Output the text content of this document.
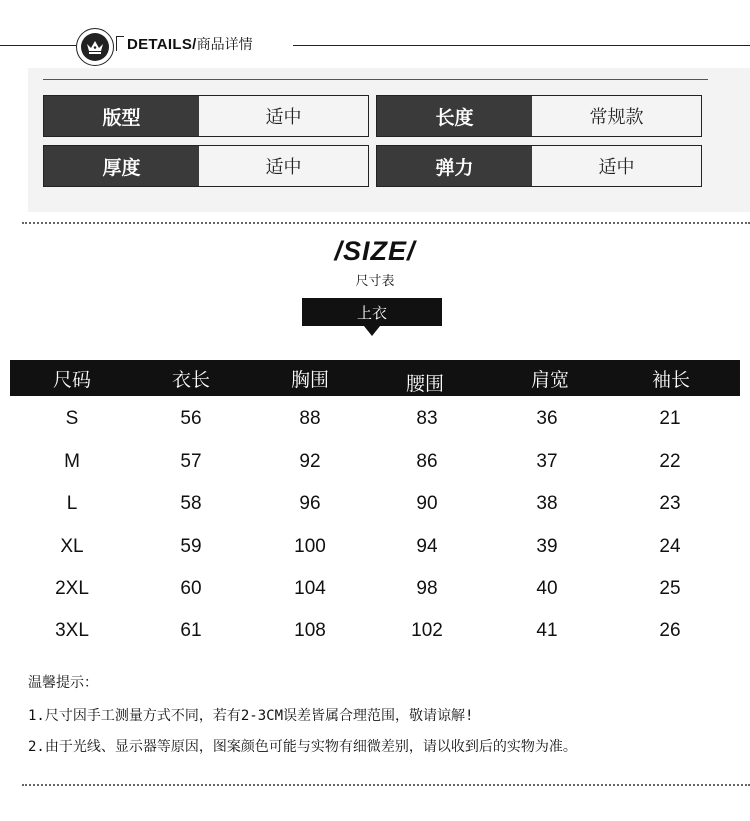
DETAILS/商品详情
版型	适中	长度	常规款
厚度	适中	弹力	适中
/SIZE/
尺寸表
上衣
尺码	衣长	胸围	腰围	肩宽	袖长
S	56	88	83	36	21
M	57	92	86	37	22
L	58	96	90	38	23
XL	59	100	94	39	24
2XL	60	104	98	40	25
3XL	61	108	102	41	26
温馨提示：
1.尺寸因手工测量方式不同，若有2-3CM误差皆属合理范围，敬请谅解!
2.由于光线、显示器等原因，图案颜色可能与实物有细微差别，请以收到后的实物为准。
